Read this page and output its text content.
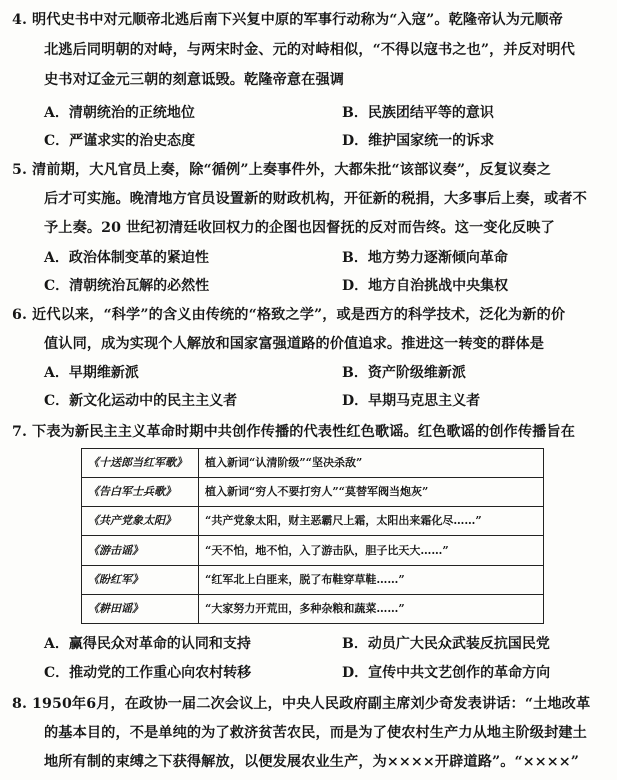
4. 明代史书中对元顺帝北逃后南下兴复中原的军事行动称为“入寇”。乾隆帝认为元顺帝
北逃后同明朝的对峙，与两宋时金、元的对峙相似，“不得以寇书之也”，并反对明代
史书对辽金元三朝的刻意诋毁。乾隆帝意在强调
A．清朝统治的正统地位	B．民族团结平等的意识
C．严谨求实的治史态度	D．维护国家统一的诉求
5. 清前期，大凡官员上奏，除“循例”上奏事件外，大都朱批“该部议奏”，反复议奏之
后才可实施。晚清地方官员设置新的财政机构，开征新的税捐，大多事后上奏，或者不
予上奏。20 世纪初清廷收回权力的企图也因督抚的反对而告终。这一变化反映了
A．政治体制变革的紧迫性	B．地方势力逐渐倾向革命
C．清朝统治瓦解的必然性	D．地方自治挑战中央集权
6. 近代以来，“科学”的含义由传统的“格致之学”，或是西方的科学技术，泛化为新的价
值认同，成为实现个人解放和国家富强道路的价值追求。推进这一转变的群体是
A．早期维新派	B．资产阶级维新派
C．新文化运动中的民主主义者	D．早期马克思主义者
7. 下表为新民主主义革命时期中共创作传播的代表性红色歌谣。红色歌谣的创作传播旨在
《十送郎当红军歌》	植入新词“认清阶级”“坚决杀敌”
《告白军士兵歌》	植入新词“穷人不要打穷人”“莫替军阀当炮灰”
《共产党象太阳》	“共产党象太阳，财主恶霸尺上霜，太阳出来霜化尽……”
《游击谣》	“天不怕，地不怕，入了游击队，胆子比天大……”
《盼红军》	“红军北上白匪来，脱了布鞋穿草鞋……”
《耕田谣》	“大家努力开荒田，多种杂粮和蔬菜……”
A．赢得民众对革命的认同和支持	B．动员广大民众武装反抗国民党
C．推动党的工作重心向农村转移	D．宣传中共文艺创作的革命方向
8. 1950年6月，在政协一届二次会议上，中央人民政府副主席刘少奇发表讲话：“土地改革
的基本目的，不是单纯的为了救济贫苦农民，而是为了使农村生产力从地主阶级封建土
地所有制的束缚之下获得解放，以便发展农业生产，为××××开辟道路”。“××××”
